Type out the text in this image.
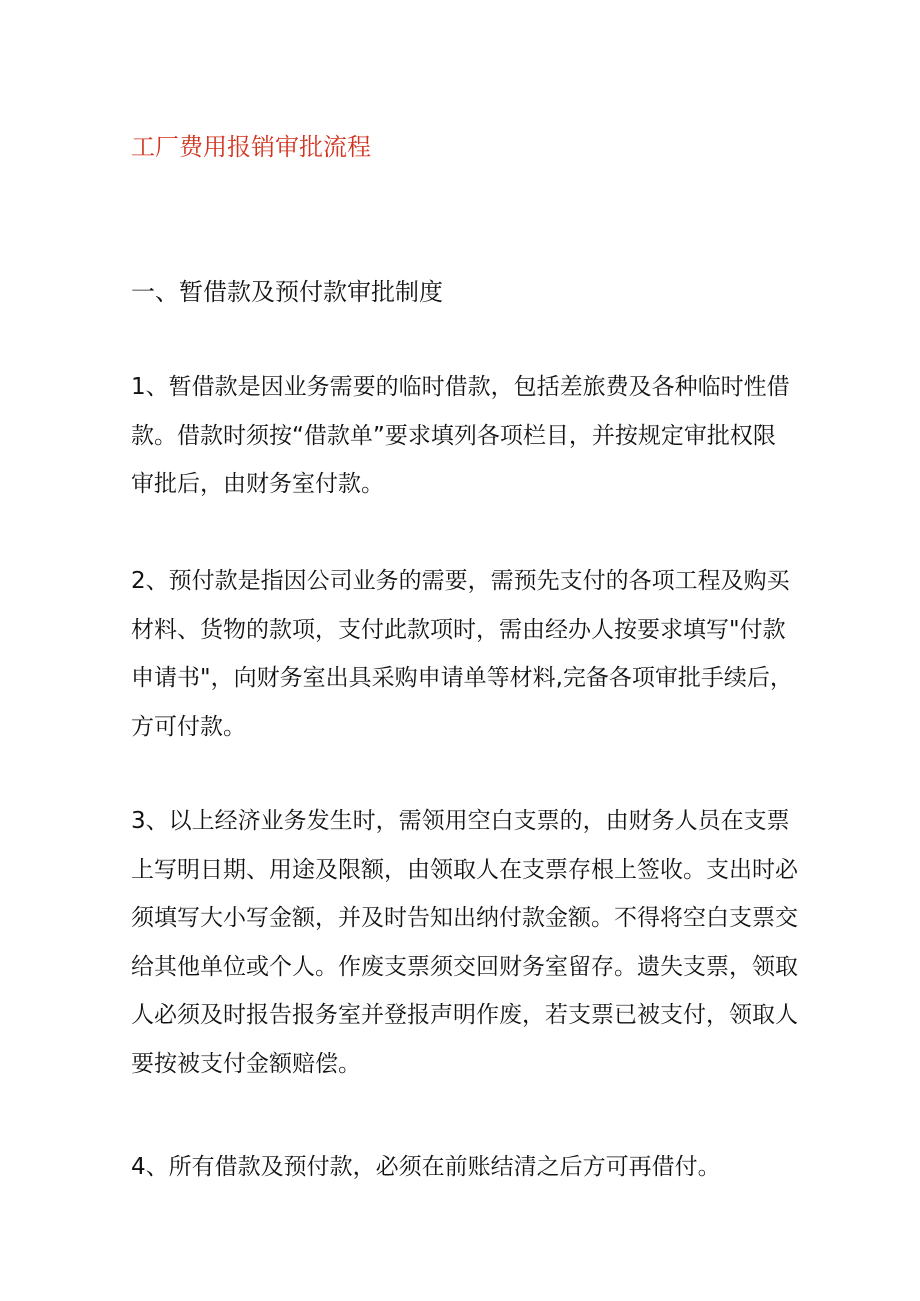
工厂费用报销审批流程
一、暂借款及预付款审批制度
1、暂借款是因业务需要的临时借款，包括差旅费及各种临时性借
款。借款时须按“借款单”要求填列各项栏目，并按规定审批权限
审批后，由财务室付款。
2、预付款是指因公司业务的需要，需预先支付的各项工程及购买
材料、货物的款项，支付此款项时，需由经办人按要求填写"付款
申请书"，向财务室出具采购申请单等材料,完备各项审批手续后，
方可付款。
3、以上经济业务发生时，需领用空白支票的，由财务人员在支票
上写明日期、用途及限额，由领取人在支票存根上签收。支出时必
须填写大小写金额，并及时告知出纳付款金额。不得将空白支票交
给其他单位或个人。作废支票须交回财务室留存。遗失支票，领取
人必须及时报告报务室并登报声明作废，若支票已被支付，领取人
要按被支付金额赔偿。
4、所有借款及预付款，必须在前账结清之后方可再借付。
